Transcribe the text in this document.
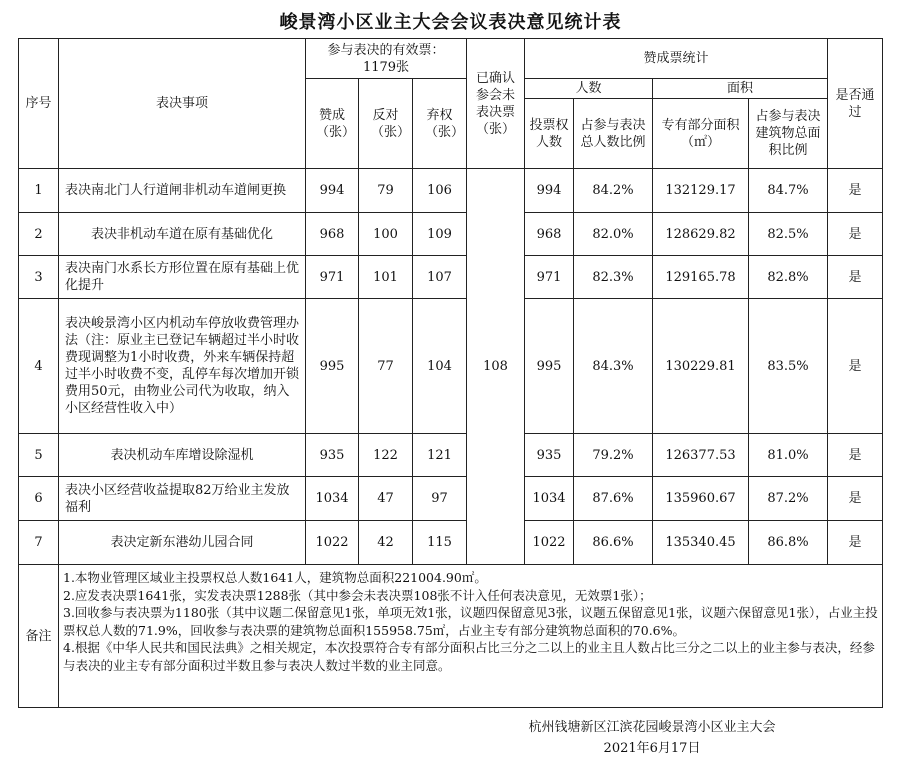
峻景湾小区业主大会会议表决意见统计表
序号	表决事项	参与表决的有效票：
1179张			已确认参会未表决票（张）	赞成票统计				是否通过
		赞成（张）	反对（张）	弃权（张）		人数		面积		
						投票权人数	占参与表决总人数比例	专有部分面积（㎡）	占参与表决建筑物总面积比例	
1	表决南北门人行道闸非机动车道闸更换	994	79	106	108	994	84.2%	132129.17	84.7%	是
2	表决非机动车道在原有基础优化	968	100	109		968	82.0%	128629.82	82.5%	是
3	表决南门水系长方形位置在原有基础上优化提升	971	101	107		971	82.3%	129165.78	82.8%	是
4	表决峻景湾小区内机动车停放收费管理办法（注：原业主已登记车辆超过半小时收费现调整为1小时收费，外来车辆保持超过半小时收费不变，乱停车每次增加开锁费用50元，由物业公司代为收取，纳入小区经营性收入中）	995	77	104		995	84.3%	130229.81	83.5%	是
5	表决机动车库增设除湿机	935	122	121		935	79.2%	126377.53	81.0%	是
6	表决小区经营收益提取82万给业主发放福利	1034	47	97		1034	87.6%	135960.67	87.2%	是
7	表决定新东港幼儿园合同	1022	42	115		1022	86.6%	135340.45	86.8%	是
备注	1.本物业管理区域业主投票权总人数1641人，建筑物总面积221004.90㎡。
2.应发表决票1641张，实发表决票1288张（其中参会未表决票108张不计入任何表决意见，无效票1张）；
3.回收参与表决票为1180张（其中议题二保留意见1张，单项无效1张，议题四保留意见3张，议题五保留意见1张，议题六保留意见1张），占业主投票权总人数的71.9%，回收参与表决票的建筑物总面积155958.75㎡，占业主专有部分建筑物总面积的70.6%。
4.根据《中华人民共和国民法典》之相关规定，本次投票符合专有部分面积占比三分之二以上的业主且人数占比三分之二以上的业主参与表决，经参与表决的业主专有部分面积过半数且参与表决人数过半数的业主同意。									
杭州钱塘新区江滨花园峻景湾小区业主大会
2021年6月17日
